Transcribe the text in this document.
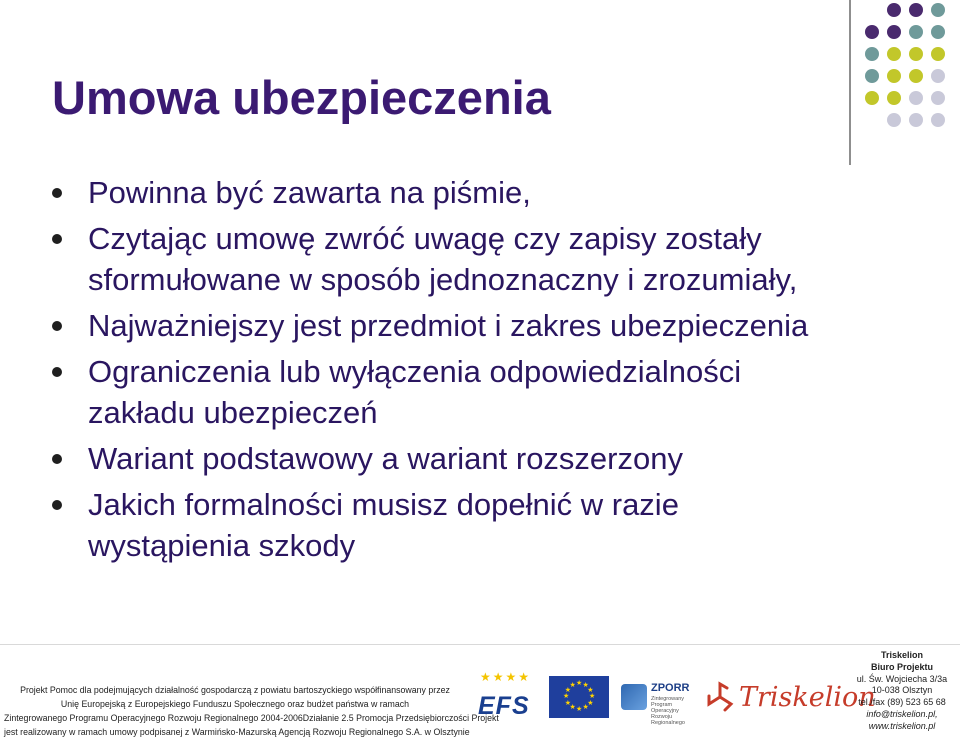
Umowa ubezpieczenia
Powinna być zawarta na piśmie,
Czytając umowę zwróć uwagę czy zapisy zostały sformułowane w sposób jednoznaczny i zrozumiały,
Najważniejszy jest przedmiot i zakres ubezpieczenia
Ograniczenia lub wyłączenia odpowiedzialności zakładu ubezpieczeń
Wariant podstawowy a wariant rozszerzony
Jakich formalności musisz dopełnić w razie wystąpienia szkody
Projekt Pomoc dla podejmujących działalność gospodarczą z powiatu bartoszyckiego współfinansowany przez
Unię Europejską z Europejskiego Funduszu Społecznego oraz budżet państwa w ramach
Zintegrowanego Programu Operacyjnego Rozwoju Regionalnego 2004-2006Działanie 2.5 Promocja Przedsiębiorczości Projekt
jest realizowany w ramach umowy podpisanej z Warmińsko-Mazurską Agencją Rozwoju Regionalnego S.A. w Olsztynie
★★★★
EFS
★ ★
★
★
★
★
★
★
★
★
★
★	ZPORR
Zintegrowany Program Operacyjny Rozwoju Regionalnego
Triskelion
Triskelion
Biuro Projektu
ul. Św. Wojciecha 3/3a
10-038 Olsztyn
tel./fax (89) 523 65 68
info@triskelion.pl,
www.triskelion.pl
